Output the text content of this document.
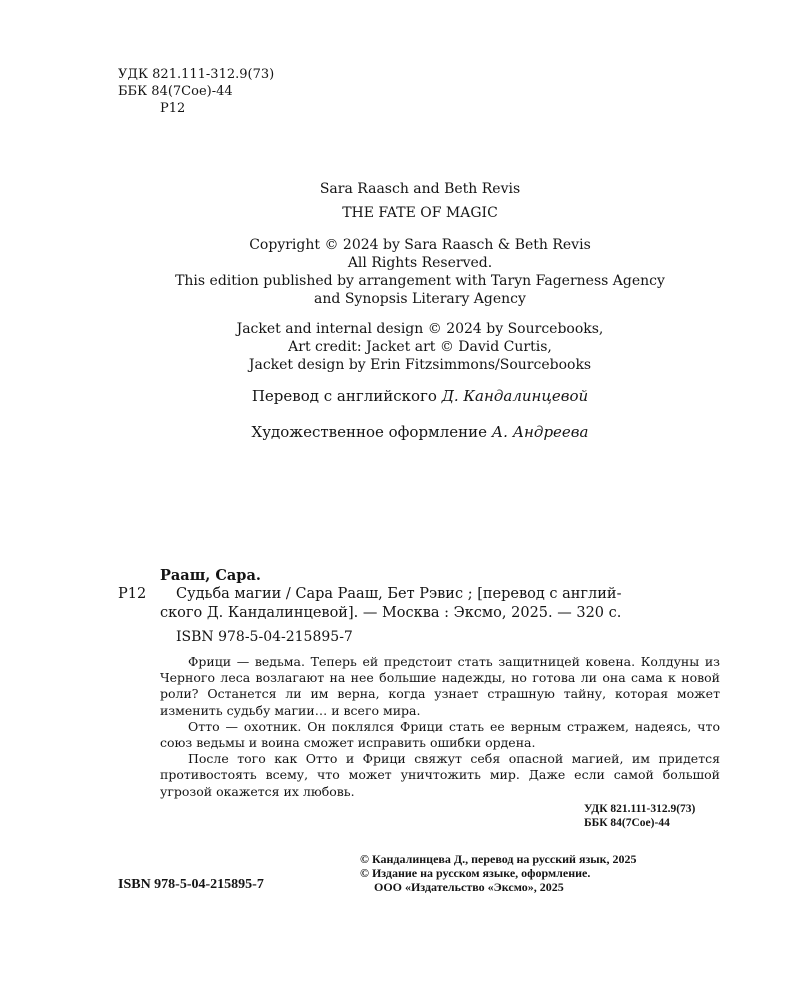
УДК 821.111-312.9(73)
ББК 84(7Сое)-44
Р12
Sara Raasch and Beth Revis
THE FATE OF MAGIC
Copyright © 2024 by Sara Raasch & Beth Revis
All Rights Reserved.
This edition published by arrangement with Taryn Fagerness Agency
and Synopsis Literary Agency
Jacket and internal design © 2024 by Sourcebooks,
Art credit: Jacket art © David Curtis,
Jacket design by Erin Fitzsimmons/Sourcebooks
Перевод с английского Д. Кандалинцевой
Художественное оформление А. Андреева
Рааш, Сара.
Р12 Судьба магии / Сара Рааш, Бет Рэвис ; [перевод с англий-
ского Д. Кандалинцевой]. — Москва : Эксмо, 2025. — 320 с.
ISBN 978-5-04-215895-7

Фрици — ведьма. Теперь ей предстоит стать защитницей ковена. Колдуны из Черного леса возлагают на нее большие надежды, но готова ли она сама к новой роли? Останется ли им верна, когда узнает страшную тайну, которая может изменить судьбу магии… и всего мира.

Отто — охотник. Он поклялся Фрици стать ее верным стражем, надеясь, что союз ведьмы и воина сможет исправить ошибки ордена.

После того как Отто и Фрици свяжут себя опасной магией, им придется противостоять всему, что может уничтожить мир. Даже если самой большой угрозой окажется их любовь.

УДК 821.111-312.9(73)
ББК 84(7Сое)-44
ISBN 978-5-04-215895-7
© Кандалинцева Д., перевод на русский язык, 2025
© Издание на русском языке, оформление.
ООО «Издательство «Эксмо», 2025
